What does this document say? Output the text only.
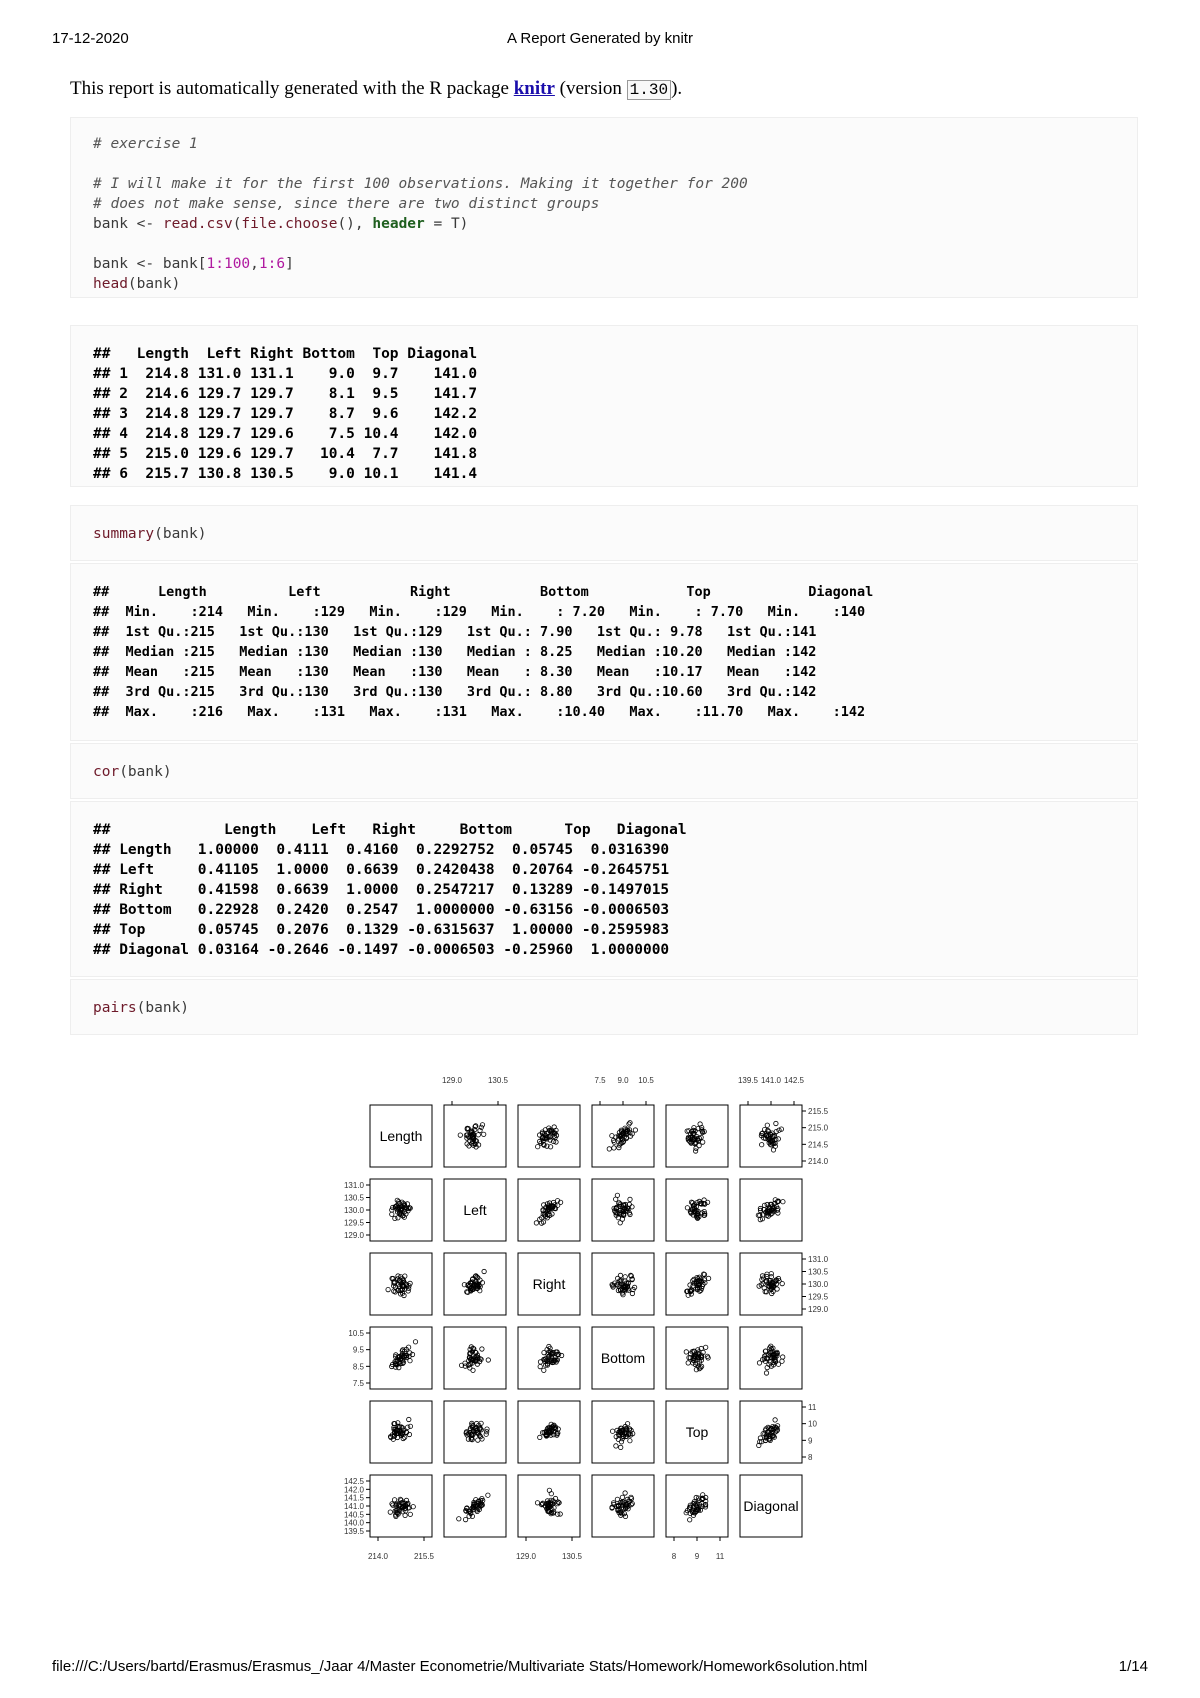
17-12-2020	A Report Generated by knitr
This report is automatically generated with the R package knitr (version 1.30 ).
# exercise 1

# I will make it for the first 100 observations. Making it together for 200
# does not make sense, since there are two distinct groups
bank <- read.csv(file.choose(), header = T)

bank <- bank[1:100,1:6]
head(bank)
##   Length  Left Right Bottom  Top Diagonal
## 1  214.8 131.0 131.1    9.0  9.7    141.0
## 2  214.6 129.7 129.7    8.1  9.5    141.7
## 3  214.8 129.7 129.7    8.7  9.6    142.2
## 4  214.8 129.7 129.6    7.5 10.4    142.0
## 5  215.0 129.6 129.7   10.4  7.7    141.8
## 6  215.7 130.8 130.5    9.0 10.1    141.4
summary(bank)
##      Length          Left           Right           Bottom            Top            Diagonal
##  Min.    :214   Min.    :129   Min.    :129   Min.    : 7.20   Min.    : 7.70   Min.    :140
##  1st Qu.:215   1st Qu.:130   1st Qu.:129   1st Qu.: 7.90   1st Qu.: 9.78   1st Qu.:141
##  Median :215   Median :130   Median :130   Median : 8.25   Median :10.20   Median :142
##  Mean   :215   Mean   :130   Mean   :130   Mean   : 8.30   Mean   :10.17   Mean   :142
##  3rd Qu.:215   3rd Qu.:130   3rd Qu.:130   3rd Qu.: 8.80   3rd Qu.:10.60   3rd Qu.:142
##  Max.    :216   Max.    :131   Max.    :131   Max.    :10.40   Max.    :11.70   Max.    :142
cor(bank)
##             Length    Left   Right     Bottom      Top   Diagonal
## Length   1.00000  0.4111  0.4160  0.2292752  0.05745  0.0316390
## Left     0.41105  1.0000  0.6639  0.2420438  0.20764 -0.2645751
## Right    0.41598  0.6639  1.0000  0.2547217  0.13289 -0.1497015
## Bottom   0.22928  0.2420  0.2547  1.0000000 -0.63156 -0.0006503
## Top      0.05745  0.2076  0.1329 -0.6315637  1.00000 -0.2595983
## Diagonal 0.03164 -0.2646 -0.1497 -0.0006503 -0.25960  1.0000000
pairs(bank)
Length
Left
Right
Bottom
Top
Diagonal
129.0	130.5	7.5 9.0 10.5	139.5 141.0 142.5
214.0	215.5	129.0	130.5	8 9 11
131.0
130.5
130.0
129.5
129.0
10.5
9.5
8.5
7.5
142.5
142.0
141.5
141.0
140.5
140.0
139.5
215.5
215.0
214.5
214.0
131.0
130.5
130.0
129.5
129.0
11
10
9
8
file:///C:/Users/bartd/Erasmus/Erasmus_/Jaar 4/Master Econometrie/Multivariate Stats/Homework/Homework6solution.html	1/14
